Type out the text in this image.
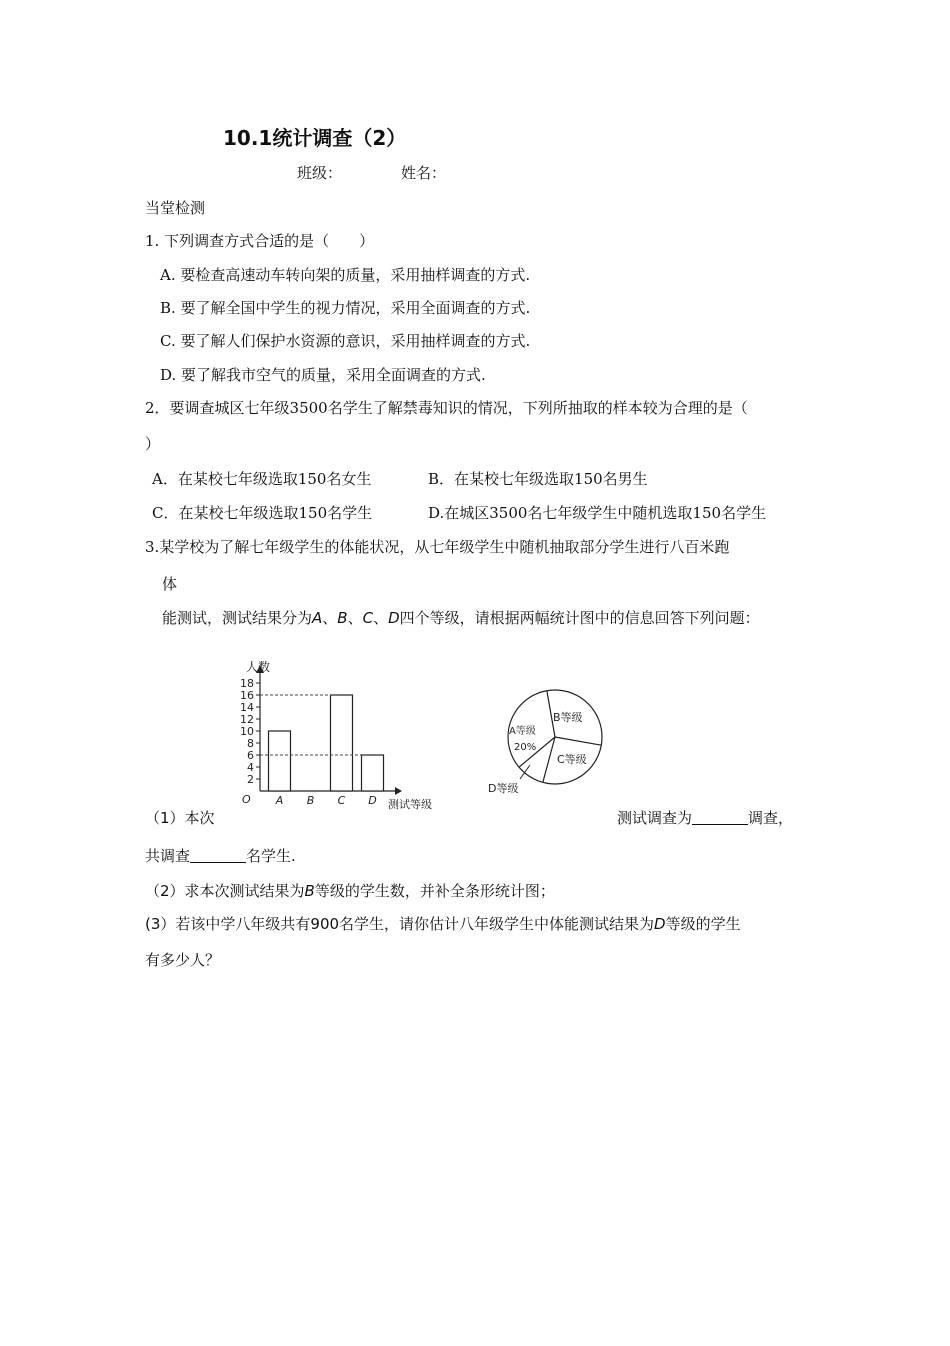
10.1统计调查（2）
班级：	姓名：
当堂检测
1. 下列调查方式合适的是（　　）
A. 要检查高速动车转向架的质量，采用抽样调查的方式.
B. 要了解全国中学生的视力情况，采用全面调查的方式.
C. 要了解人们保护水资源的意识，采用抽样调查的方式.
D. 要了解我市空气的质量，采用全面调查的方式.
2．要调查城区七年级3500名学生了解禁毒知识的情况，下列所抽取的样本较为合理的是（
）
A．在某校七年级选取150名女生	B．在某校七年级选取150名男生
C．在某校七年级选取150名学生	D.在城区3500名七年级学生中随机选取150名学生
3.某学校为了解七年级学生的体能状况，从七年级学生中随机抽取部分学生进行八百米跑
体
能测试，测试结果分为A、B、C、D四个等级，请根据两幅统计图中的信息回答下列问题：
人数
测试等级
O
2
4
6
8
10
12
14
16
18
A B C D
B等级
A等级
20%
C等级
D等级
（1）本次	测试调查为	调查，
共调查	名学生.
（2）求本次测试结果为B等级的学生数，并补全条形统计图；
(3）若该中学八年级共有900名学生，请你估计八年级学生中体能测试结果为D等级的学生
有多少人？
